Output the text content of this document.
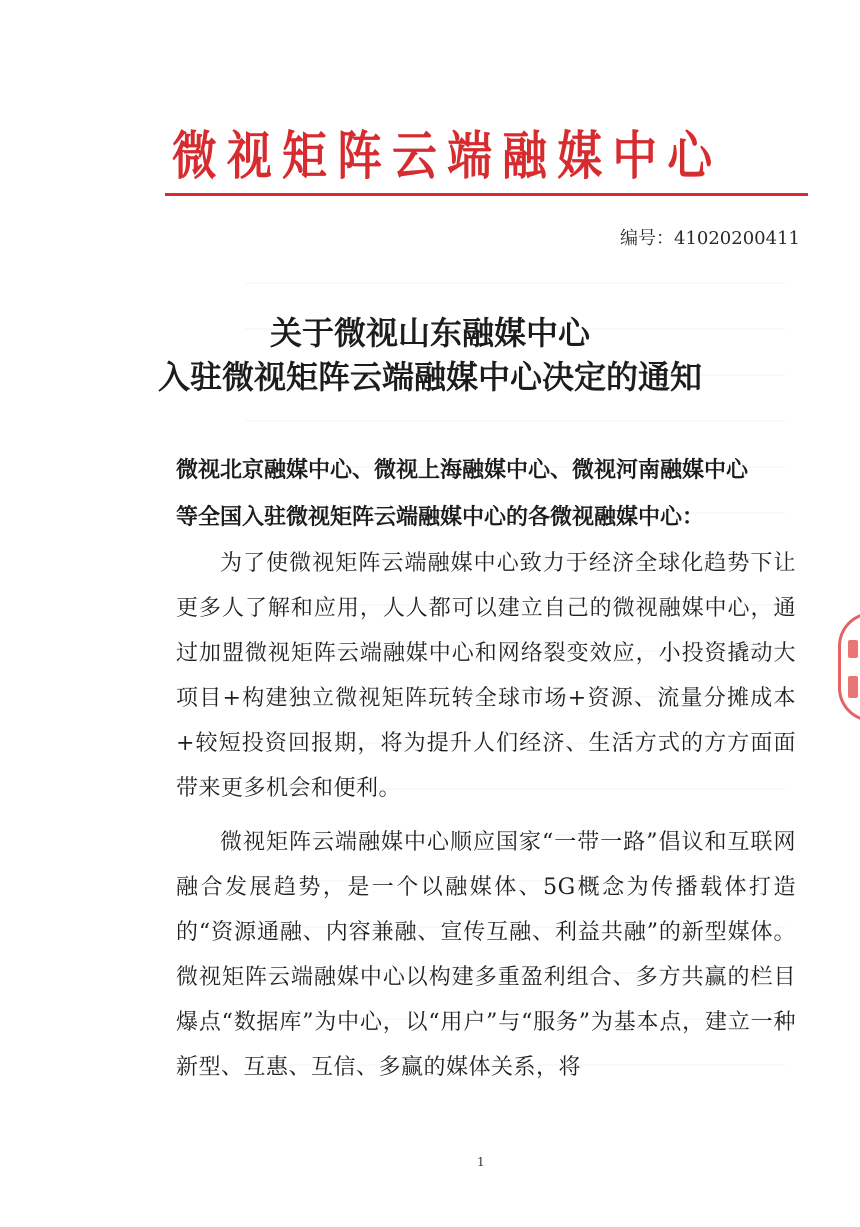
微视矩阵云端融媒中心
编号：41020200411
关于微视山东融媒中心
入驻微视矩阵云端融媒中心决定的通知
微视北京融媒中心、微视上海融媒中心、微视河南融媒中心
等全国入驻微视矩阵云端融媒中心的各微视融媒中心：
为了使微视矩阵云端融媒中心致力于经济全球化趋势下让更多人了解和应用，人人都可以建立自己的微视融媒中心，通过加盟微视矩阵云端融媒中心和网络裂变效应，小投资撬动大项目+构建独立微视矩阵玩转全球市场+资源、流量分摊成本+较短投资回报期，将为提升人们经济、生活方式的方方面面带来更多机会和便利。
微视矩阵云端融媒中心顺应国家“一带一路”倡议和互联网融合发展趋势，是一个以融媒体、5G概念为传播载体打造的“资源通融、内容兼融、宣传互融、利益共融”的新型媒体。微视矩阵云端融媒中心以构建多重盈利组合、多方共赢的栏目爆点“数据库”为中心，以“用户”与“服务”为基本点，建立一种新型、互惠、互信、多赢的媒体关系，将
1
